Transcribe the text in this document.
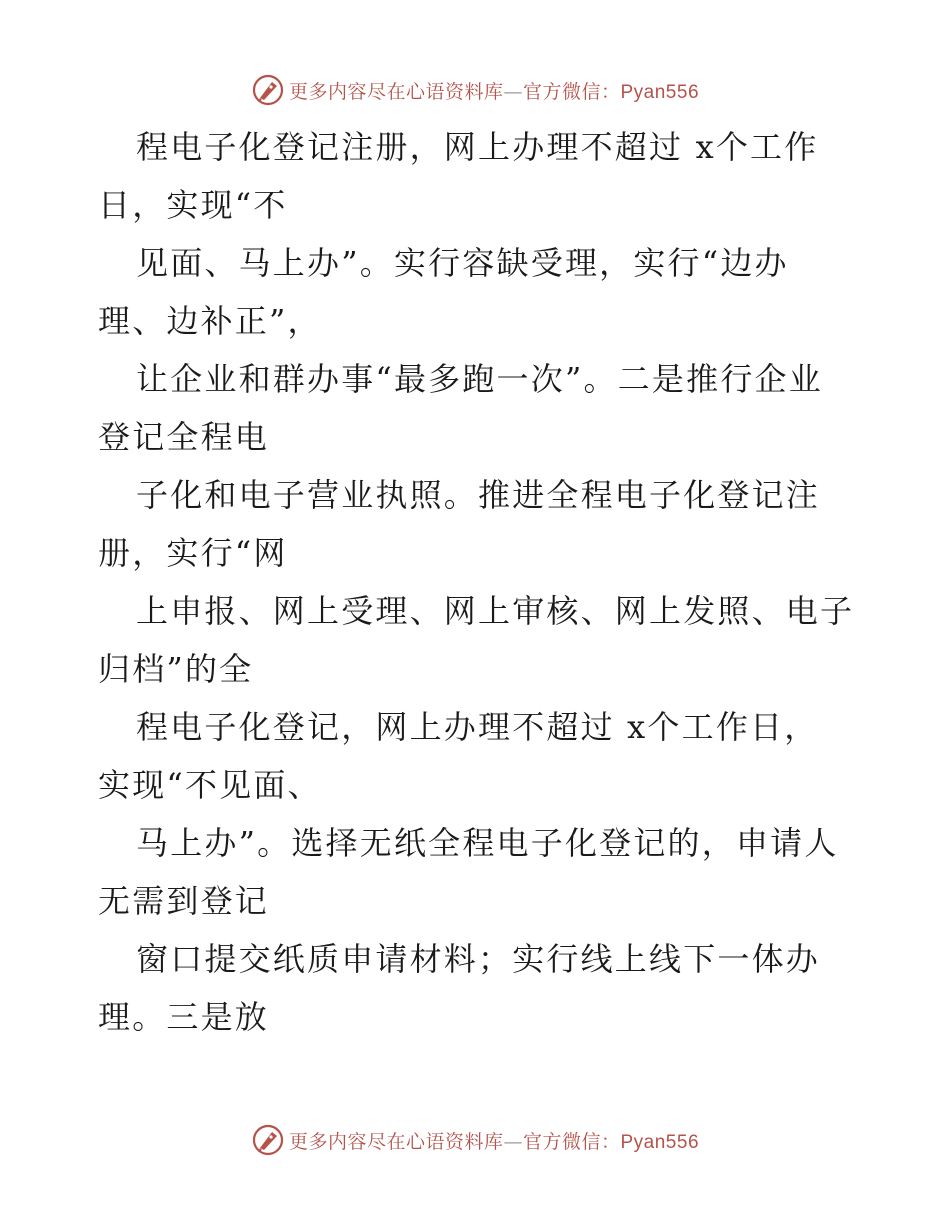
更多内容尽在心语资料库—官方微信：Pyan556
程电子化登记注册，网上办理不超过 x个工作
日，实现“不
见面、马上办”。实行容缺受理，实行“边办
理、边补正”，
让企业和群办事“最多跑一次”。二是推行企业
登记全程电
子化和电子营业执照。推进全程电子化登记注
册，实行“网
上申报、网上受理、网上审核、网上发照、电子
归档”的全
程电子化登记，网上办理不超过 x个工作日，
实现“不见面、
马上办”。选择无纸全程电子化登记的，申请人
无需到登记
窗口提交纸质申请材料；实行线上线下一体办
理。三是放
更多内容尽在心语资料库—官方微信：Pyan556
